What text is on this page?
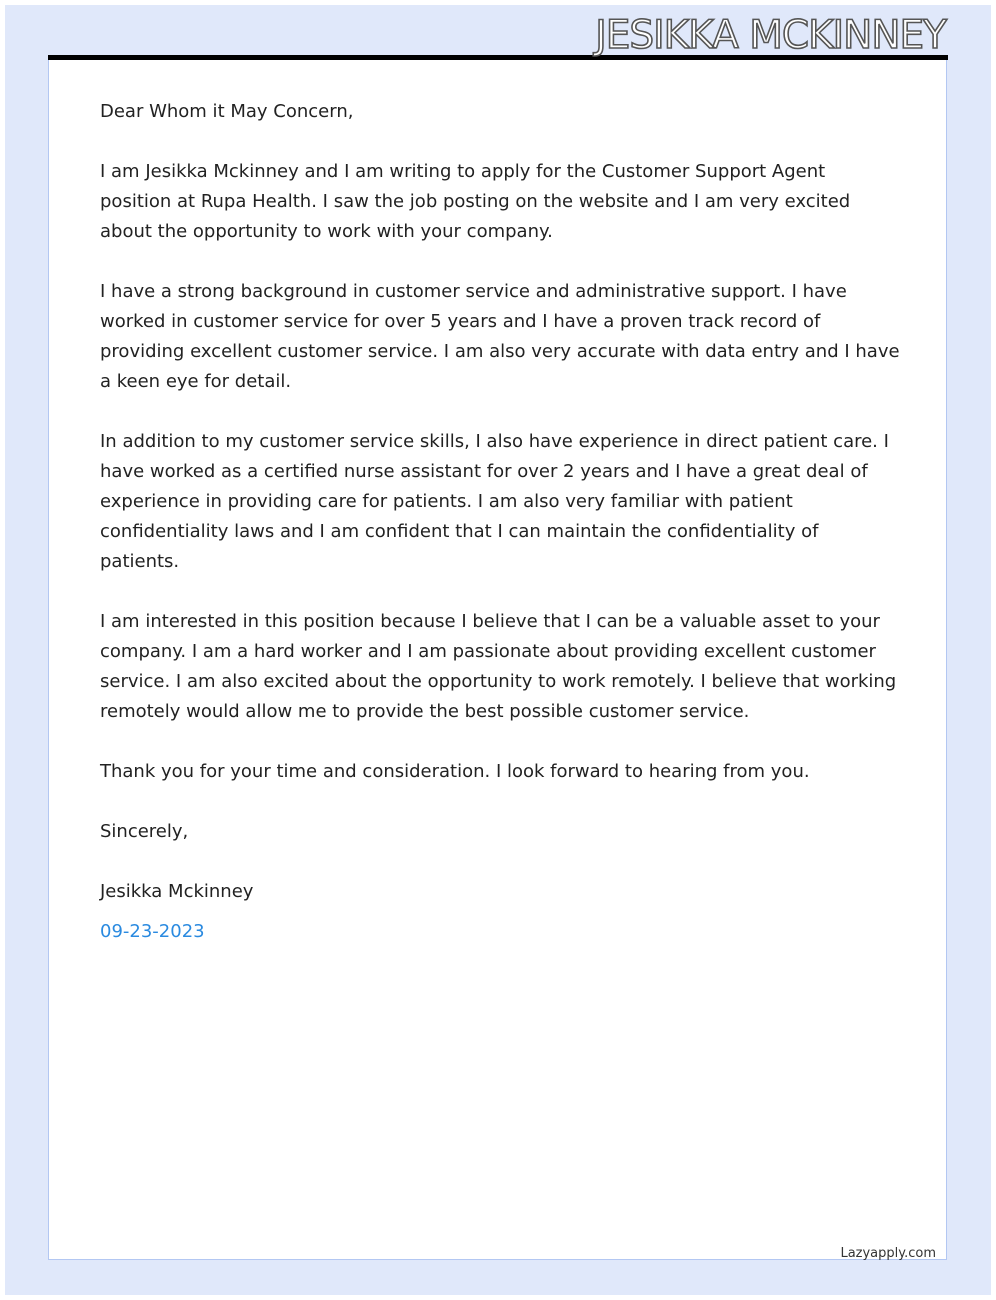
JESIKKA MCKINNEY

Dear Whom it May Concern,

I am Jesikka Mckinney and I am writing to apply for the Customer Support Agent position at Rupa Health. I saw the job posting on the website and I am very excited about the opportunity to work with your company.

I have a strong background in customer service and administrative support. I have worked in customer service for over 5 years and I have a proven track record of providing excellent customer service. I am also very accurate with data entry and I have a keen eye for detail.

In addition to my customer service skills, I also have experience in direct patient care. I have worked as a certified nurse assistant for over 2 years and I have a great deal of experience in providing care for patients. I am also very familiar with patient confidentiality laws and I am confident that I can maintain the confidentiality of patients.

I am interested in this position because I believe that I can be a valuable asset to your company. I am a hard worker and I am passionate about providing excellent customer service. I am also excited about the opportunity to work remotely. I believe that working remotely would allow me to provide the best possible customer service.

Thank you for your time and consideration. I look forward to hearing from you.

Sincerely,

Jesikka Mckinney

09-23-2023

Lazyapply.com
